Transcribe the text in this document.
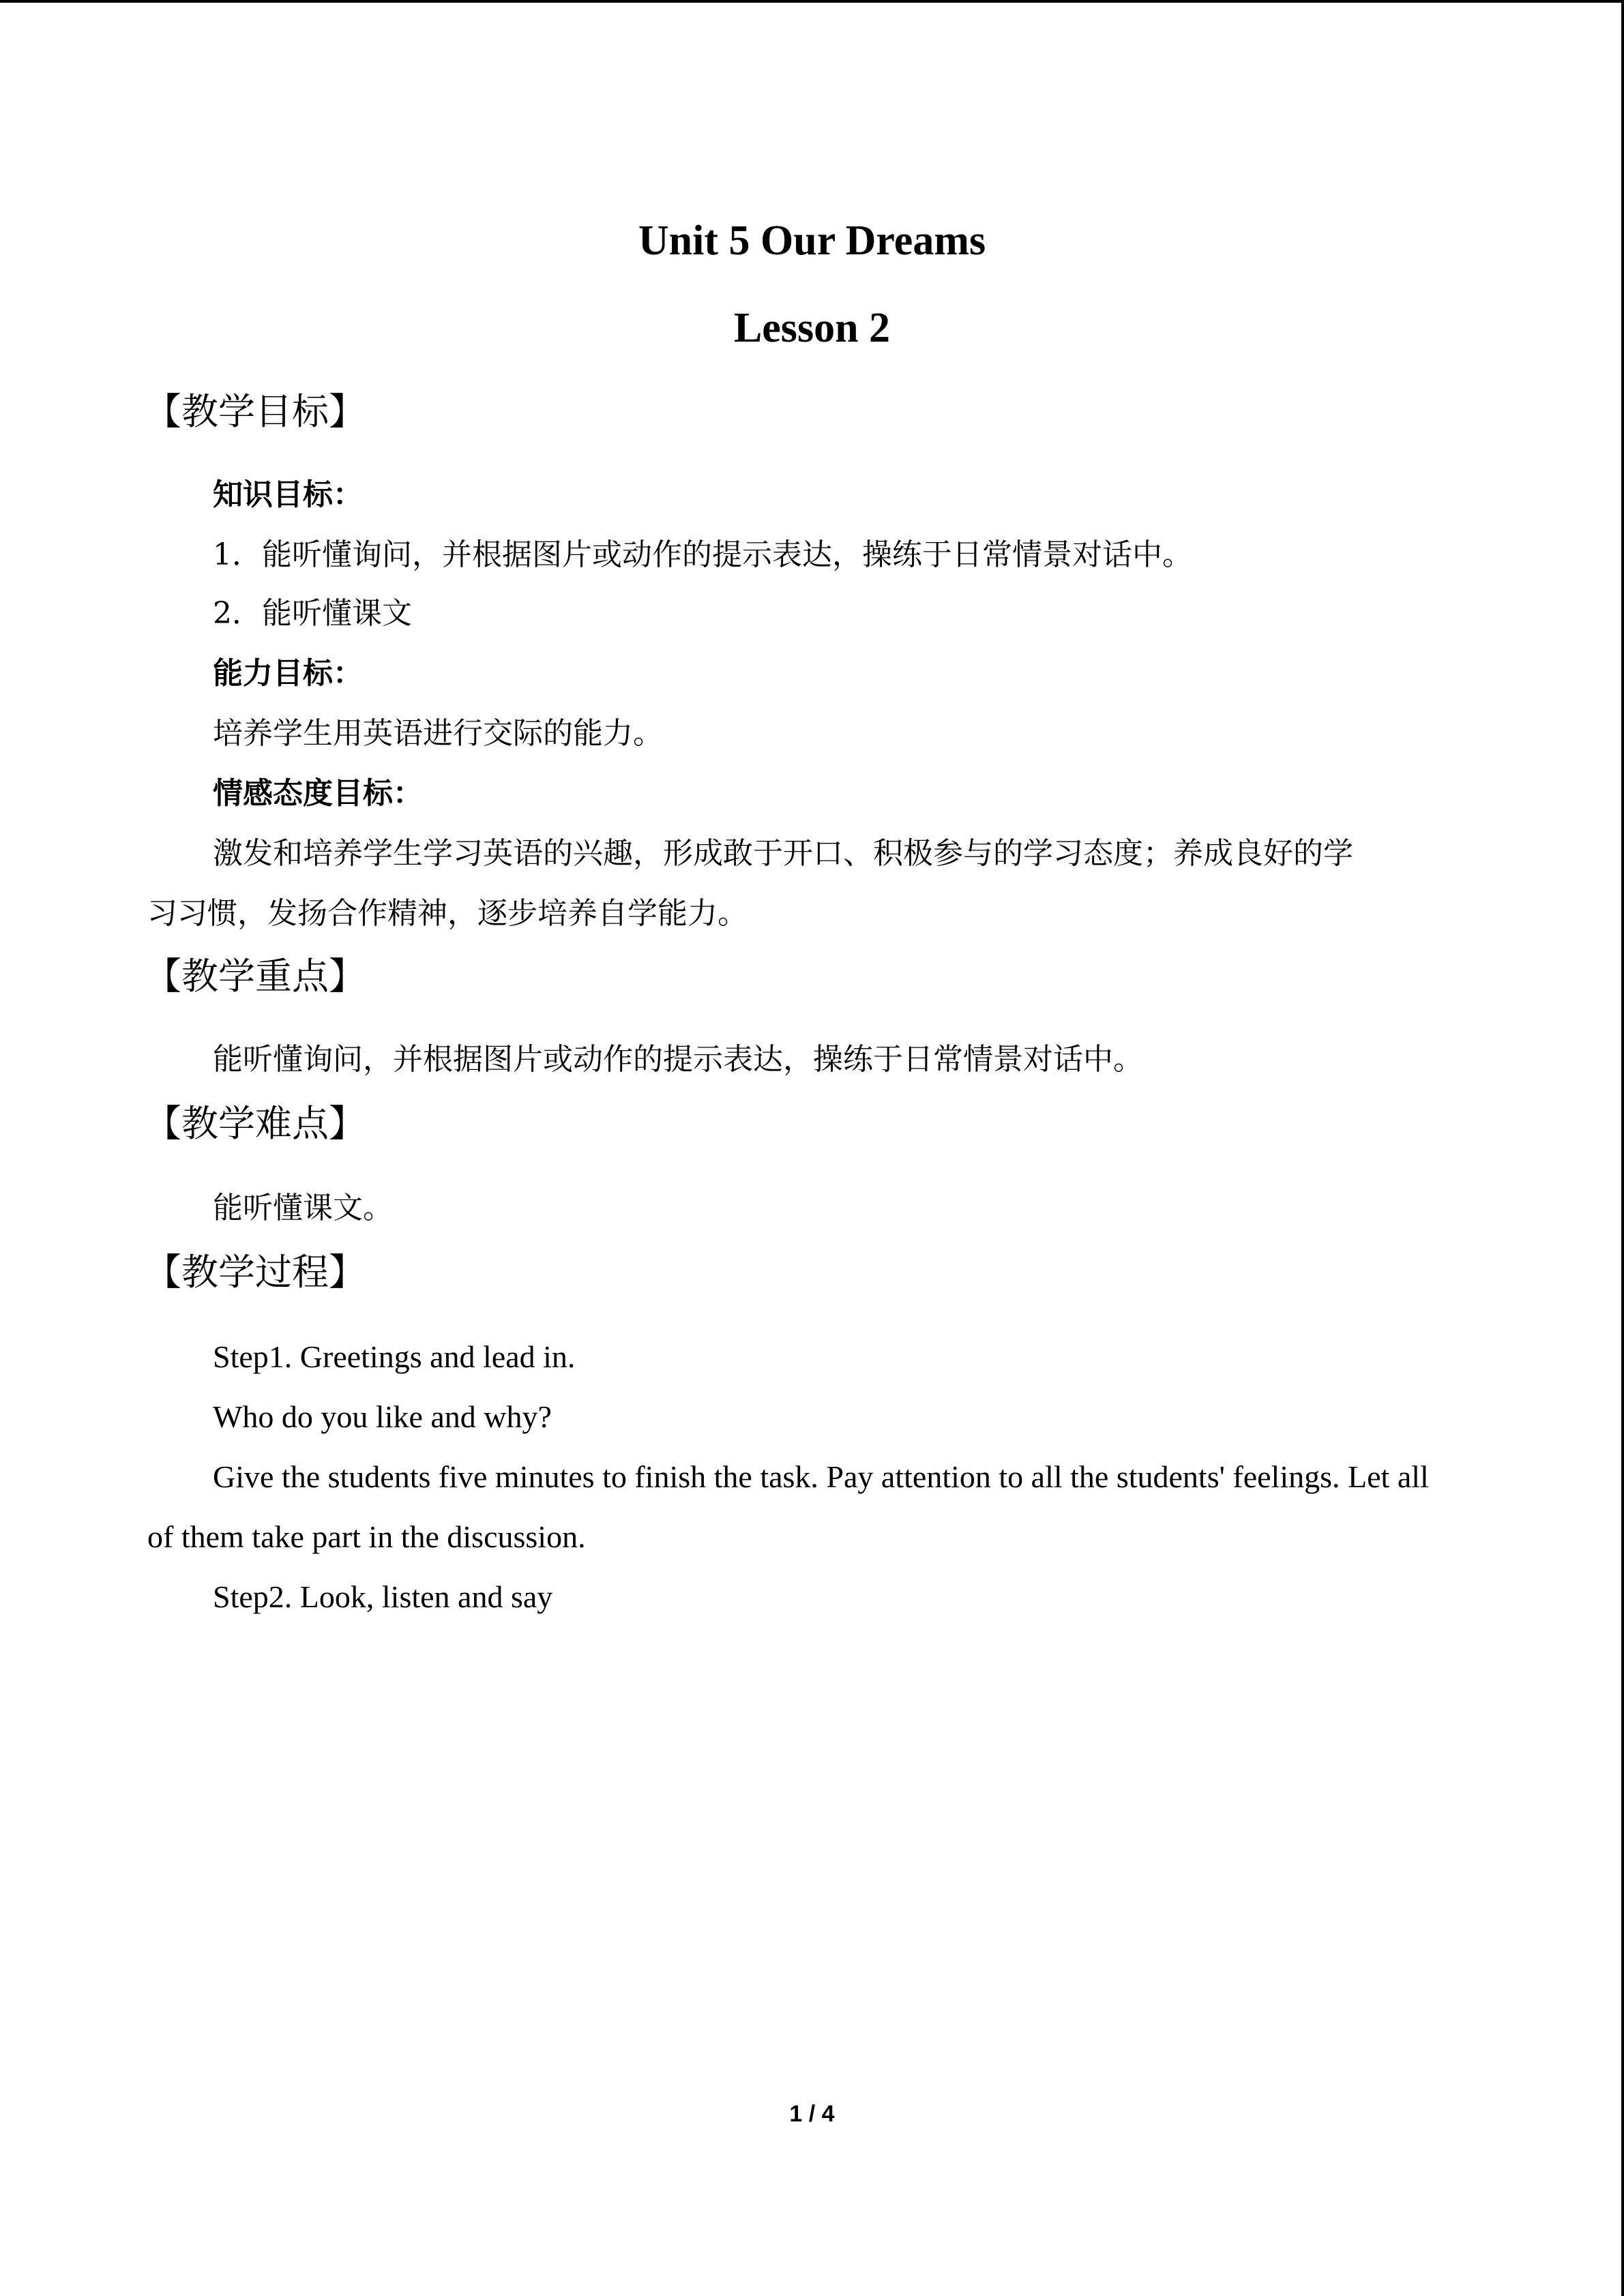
Unit 5 Our Dreams
Lesson 2
【教学目标】

知识目标：

1．能听懂询问，并根据图片或动作的提示表达，操练于日常情景对话中。

2．能听懂课文

能力目标：

培养学生用英语进行交际的能力。

情感态度目标：

激发和培养学生学习英语的兴趣，形成敢于开口、积极参与的学习态度；养成良好的学

习习惯，发扬合作精神，逐步培养自学能力。

【教学重点】

能听懂询问，并根据图片或动作的提示表达，操练于日常情景对话中。

【教学难点】

能听懂课文。

【教学过程】

Step1. Greetings and lead in.

Who do you like and why?

Give the students five minutes to finish the task. Pay attention to all the students' feelings. Let all

of them take part in the discussion.

Step2. Look, listen and say

1 / 4
